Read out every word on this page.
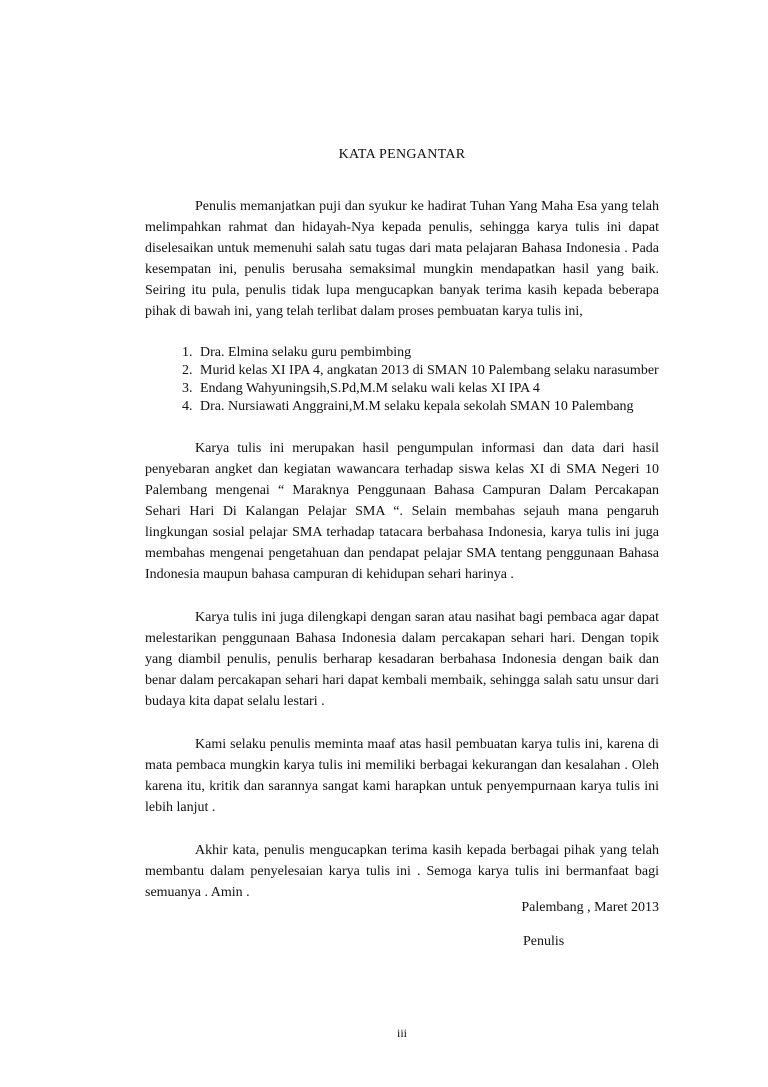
KATA PENGANTAR

Penulis memanjatkan puji dan syukur ke hadirat Tuhan Yang Maha Esa yang telah melimpahkan rahmat dan hidayah-Nya kepada penulis, sehingga karya tulis ini dapat diselesaikan untuk memenuhi salah satu tugas dari mata pelajaran Bahasa Indonesia . Pada kesempatan ini, penulis berusaha semaksimal mungkin mendapatkan hasil yang baik. Seiring itu pula, penulis tidak lupa mengucapkan banyak terima kasih kepada beberapa pihak di bawah ini, yang telah terlibat dalam proses pembuatan karya tulis ini,

1. Dra. Elmina selaku guru pembimbing
2. Murid kelas XI IPA 4, angkatan 2013 di SMAN 10 Palembang selaku narasumber
3. Endang Wahyuningsih,S.Pd,M.M selaku wali kelas XI IPA 4
4. Dra. Nursiawati Anggraini,M.M selaku kepala sekolah SMAN 10 Palembang

Karya tulis ini merupakan hasil pengumpulan informasi dan data dari hasil penyebaran angket dan kegiatan wawancara terhadap siswa kelas XI di SMA Negeri 10 Palembang mengenai “ Maraknya Penggunaan Bahasa Campuran Dalam Percakapan Sehari Hari Di Kalangan Pelajar SMA “. Selain membahas sejauh mana pengaruh lingkungan sosial pelajar SMA terhadap tatacara berbahasa Indonesia, karya tulis ini juga membahas mengenai pengetahuan dan pendapat pelajar SMA tentang penggunaan Bahasa Indonesia maupun bahasa campuran di kehidupan sehari harinya .

Karya tulis ini juga dilengkapi dengan saran atau nasihat bagi pembaca agar dapat melestarikan penggunaan Bahasa Indonesia dalam percakapan sehari hari. Dengan topik yang diambil penulis, penulis berharap kesadaran berbahasa Indonesia dengan baik dan benar dalam percakapan sehari hari dapat kembali membaik, sehingga salah satu unsur dari budaya kita dapat selalu lestari .

Kami selaku penulis meminta maaf atas hasil pembuatan karya tulis ini, karena di mata pembaca mungkin karya tulis ini memiliki berbagai kekurangan dan kesalahan . Oleh karena itu, kritik dan sarannya sangat kami harapkan untuk penyempurnaan karya tulis ini lebih lanjut .

Akhir kata, penulis mengucapkan terima kasih kepada berbagai pihak yang telah membantu dalam penyelesaian karya tulis ini . Semoga karya tulis ini bermanfaat bagi semuanya . Amin .

Palembang , Maret 2013
Penulis
iii
